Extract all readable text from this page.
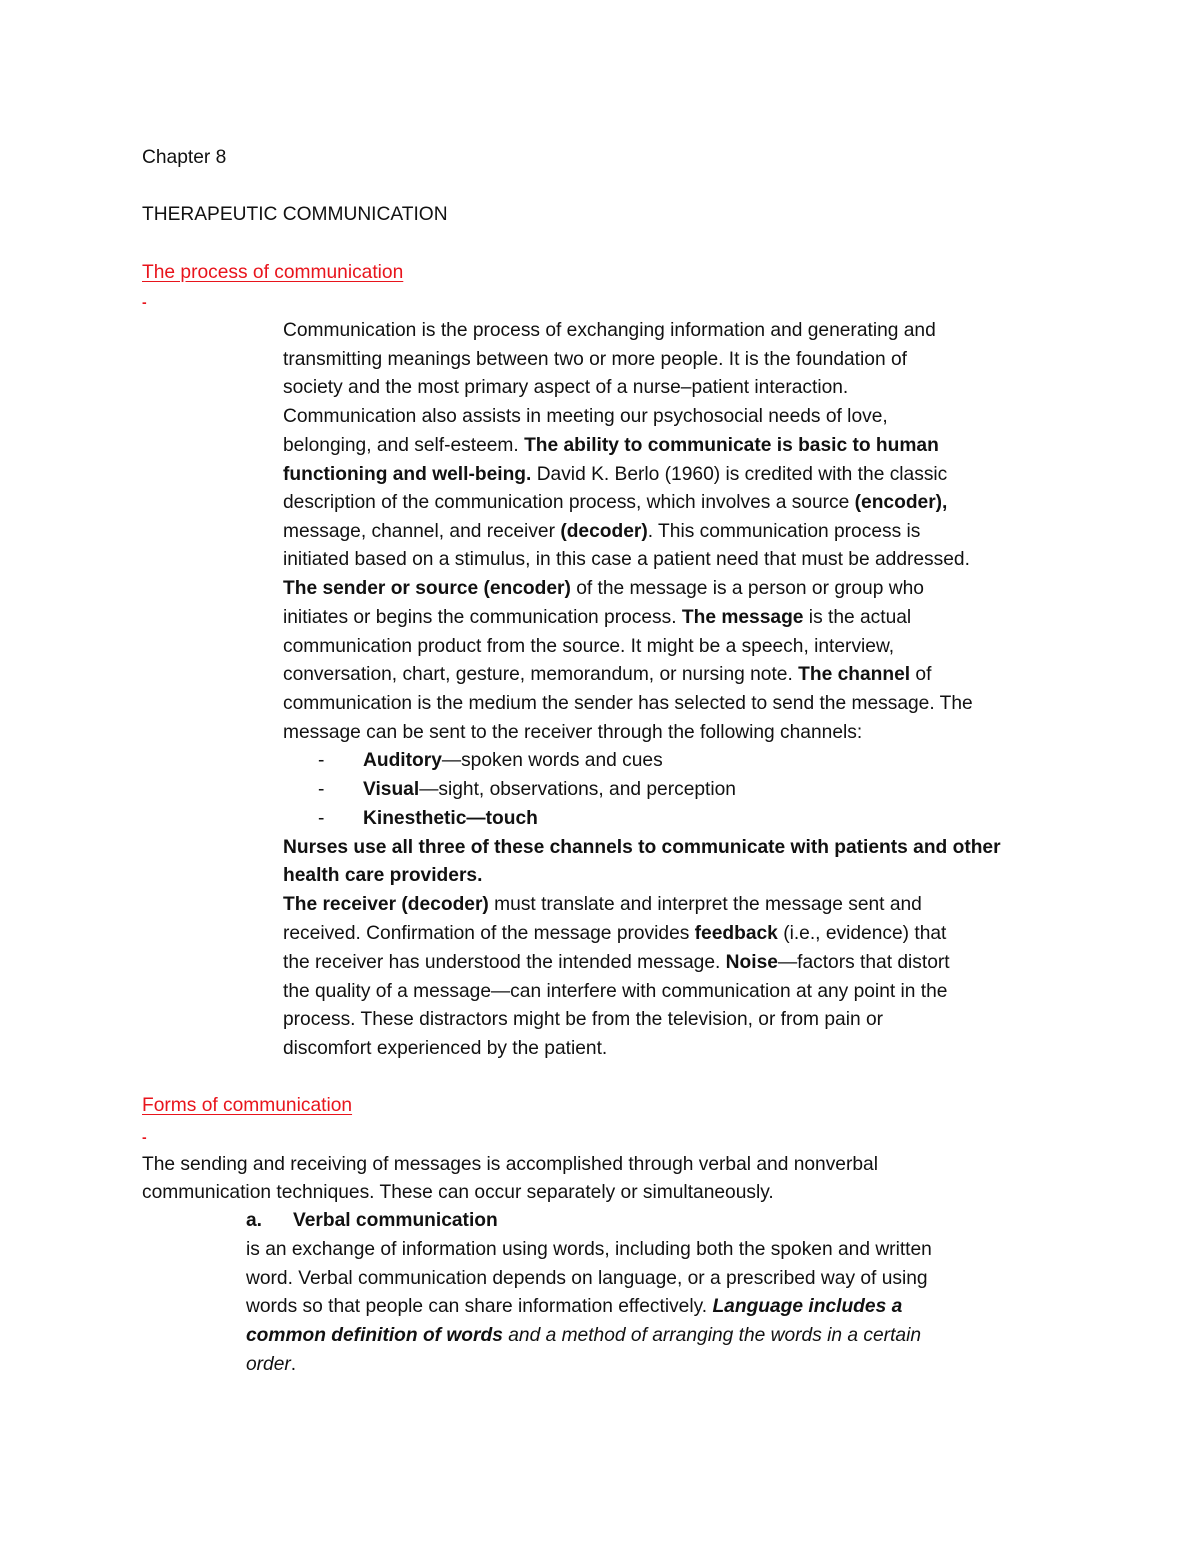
Chapter 8

THERAPEUTIC COMMUNICATION

The process of communication

-

Communication is the process of exchanging information and generating and

transmitting meanings between two or more people. It is the foundation of

society and the most primary aspect of a nurse–patient interaction.

Communication also assists in meeting our psychosocial needs of love,

belonging, and self-esteem. The ability to communicate is basic to human

functioning and well-being. David K. Berlo (1960) is credited with the classic

description of the communication process, which involves a source (encoder),

message, channel, and receiver (decoder). This communication process is

initiated based on a stimulus, in this case a patient need that must be addressed.

The sender or source (encoder) of the message is a person or group who

initiates or begins the communication process. The message is the actual

communication product from the source. It might be a speech, interview,

conversation, chart, gesture, memorandum, or nursing note. The channel of

communication is the medium the sender has selected to send the message. The

message can be sent to the receiver through the following channels:

- Auditory—spoken words and cues

- Visual—sight, observations, and perception

- Kinesthetic—touch

Nurses use all three of these channels to communicate with patients and other

health care providers.

The receiver (decoder) must translate and interpret the message sent and

received. Confirmation of the message provides feedback (i.e., evidence) that

the receiver has understood the intended message. Noise—factors that distort

the quality of a message—can interfere with communication at any point in the

process. These distractors might be from the television, or from pain or

discomfort experienced by the patient.

Forms of communication

-

The sending and receiving of messages is accomplished through verbal and nonverbal

communication techniques. These can occur separately or simultaneously.

a. Verbal communication

is an exchange of information using words, including both the spoken and written

word. Verbal communication depends on language, or a prescribed way of using

words so that people can share information effectively. Language includes a

common definition of words and a method of arranging the words in a certain

order.
